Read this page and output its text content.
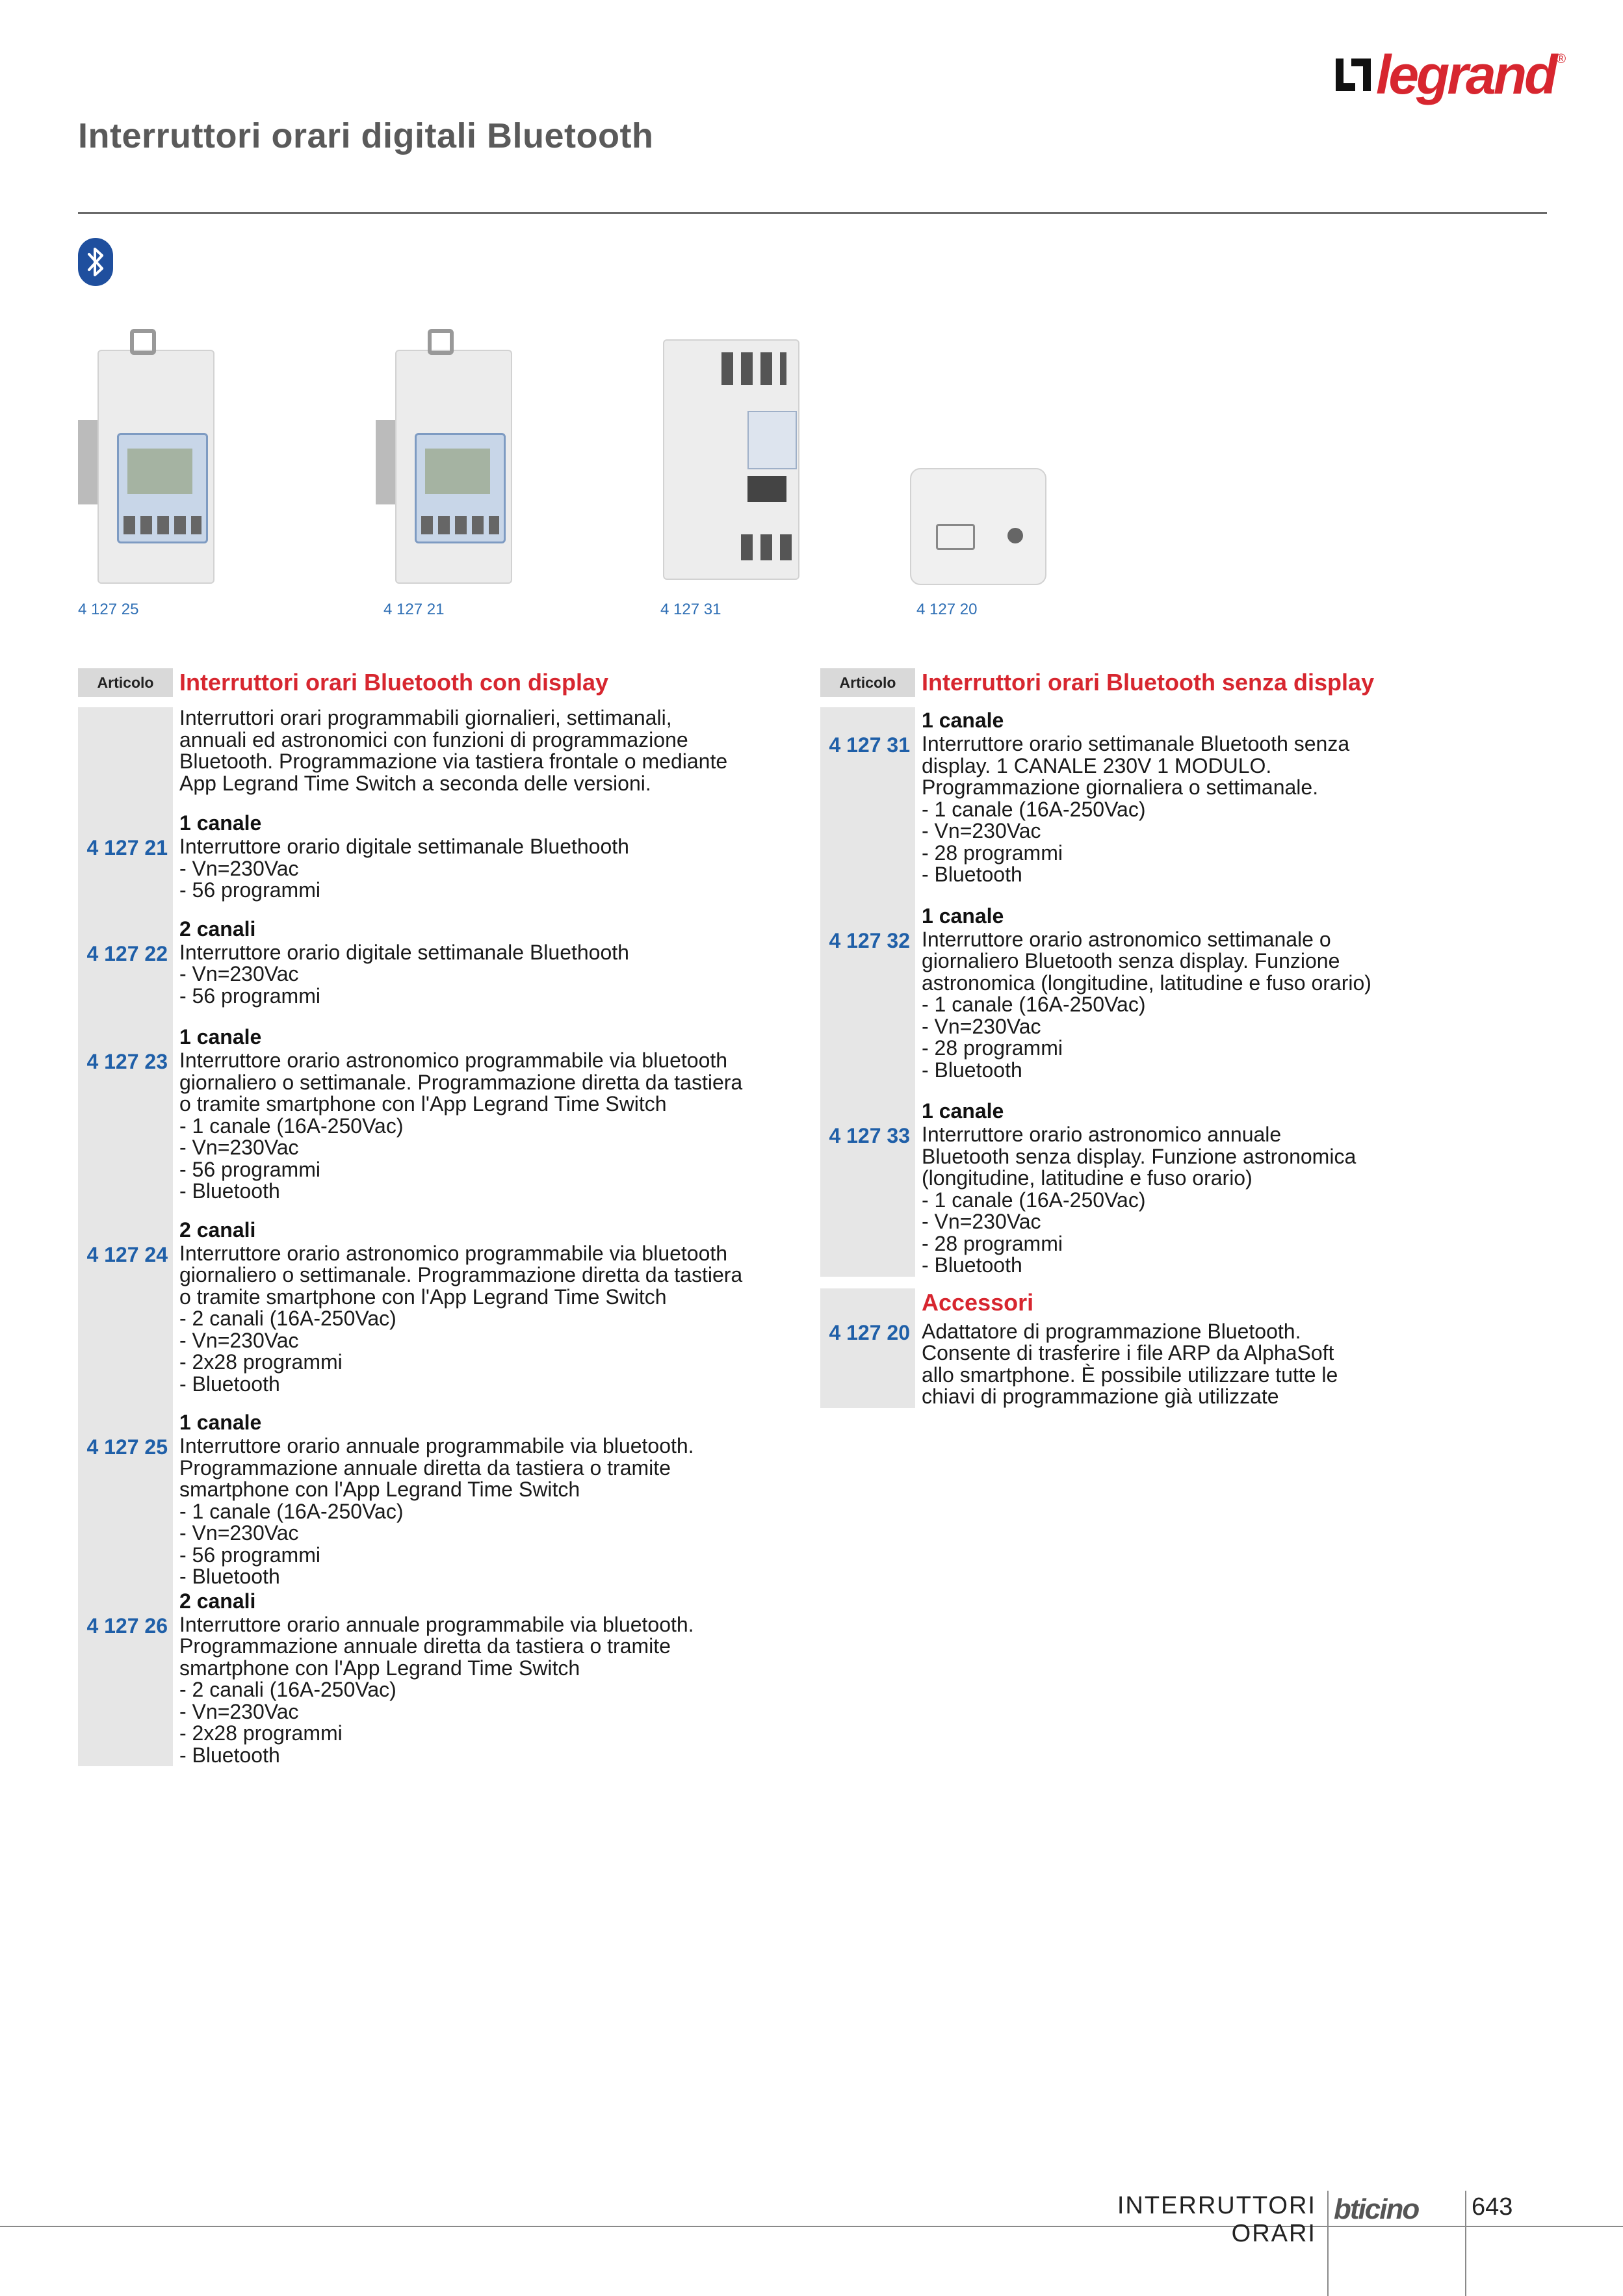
legrand ®
Interruttori orari digitali Bluetooth
4 127 25	4 127 21	4 127 31	4 127 20
Articolo	Interruttori orari Bluetooth con display
Interruttori orari programmabili giornalieri, settimanali,
annuali ed astronomici con funzioni di programmazione
Bluetooth. Programmazione via tastiera frontale o mediante
App Legrand Time Switch a seconda delle versioni.
1 canale
4 127 21 Interruttore orario digitale settimanale Bluethooth
- Vn=230Vac
- 56 programmi
2 canali
4 127 22 Interruttore orario digitale settimanale Bluethooth
- Vn=230Vac
- 56 programmi
1 canale
4 127 23 Interruttore orario astronomico programmabile via bluetooth
giornaliero o settimanale. Programmazione diretta da tastiera
o tramite smartphone con l'App Legrand Time Switch
- 1 canale (16A-250Vac)
- Vn=230Vac
- 56 programmi
- Bluetooth
2 canali
4 127 24 Interruttore orario astronomico programmabile via bluetooth
giornaliero o settimanale. Programmazione diretta da tastiera
o tramite smartphone con l'App Legrand Time Switch
- 2 canali (16A-250Vac)
- Vn=230Vac
- 2x28 programmi
- Bluetooth
1 canale
4 127 25 Interruttore orario annuale programmabile via bluetooth.
Programmazione annuale diretta da tastiera o tramite
smartphone con l'App Legrand Time Switch
- 1 canale (16A-250Vac)
- Vn=230Vac
- 56 programmi
- Bluetooth
2 canali
4 127 26 Interruttore orario annuale programmabile via bluetooth.
Programmazione annuale diretta da tastiera o tramite
smartphone con l'App Legrand Time Switch
- 2 canali (16A-250Vac)
- Vn=230Vac
- 2x28 programmi
- Bluetooth
Articolo	Interruttori orari Bluetooth senza display
1 canale
4 127 31 Interruttore orario settimanale Bluetooth senza
display. 1 CANALE 230V 1 MODULO.
Programmazione giornaliera o settimanale.
- 1 canale (16A-250Vac)
- Vn=230Vac
- 28 programmi
- Bluetooth
1 canale
4 127 32 Interruttore orario astronomico settimanale o
giornaliero Bluetooth senza display. Funzione
astronomica (longitudine, latitudine e fuso orario)
- 1 canale (16A-250Vac)
- Vn=230Vac
- 28 programmi
- Bluetooth
1 canale
4 127 33 Interruttore orario astronomico annuale
Bluetooth senza display. Funzione astronomica
(longitudine, latitudine e fuso orario)
- 1 canale (16A-250Vac)
- Vn=230Vac
- 28 programmi
- Bluetooth
Accessori
4 127 20 Adattatore di programmazione Bluetooth.
Consente di trasferire i file ARP da AlphaSoft
allo smartphone. È possibile utilizzare tutte le
chiavi di programmazione già utilizzate
INTERRUTTORI ORARI
bticino 643
